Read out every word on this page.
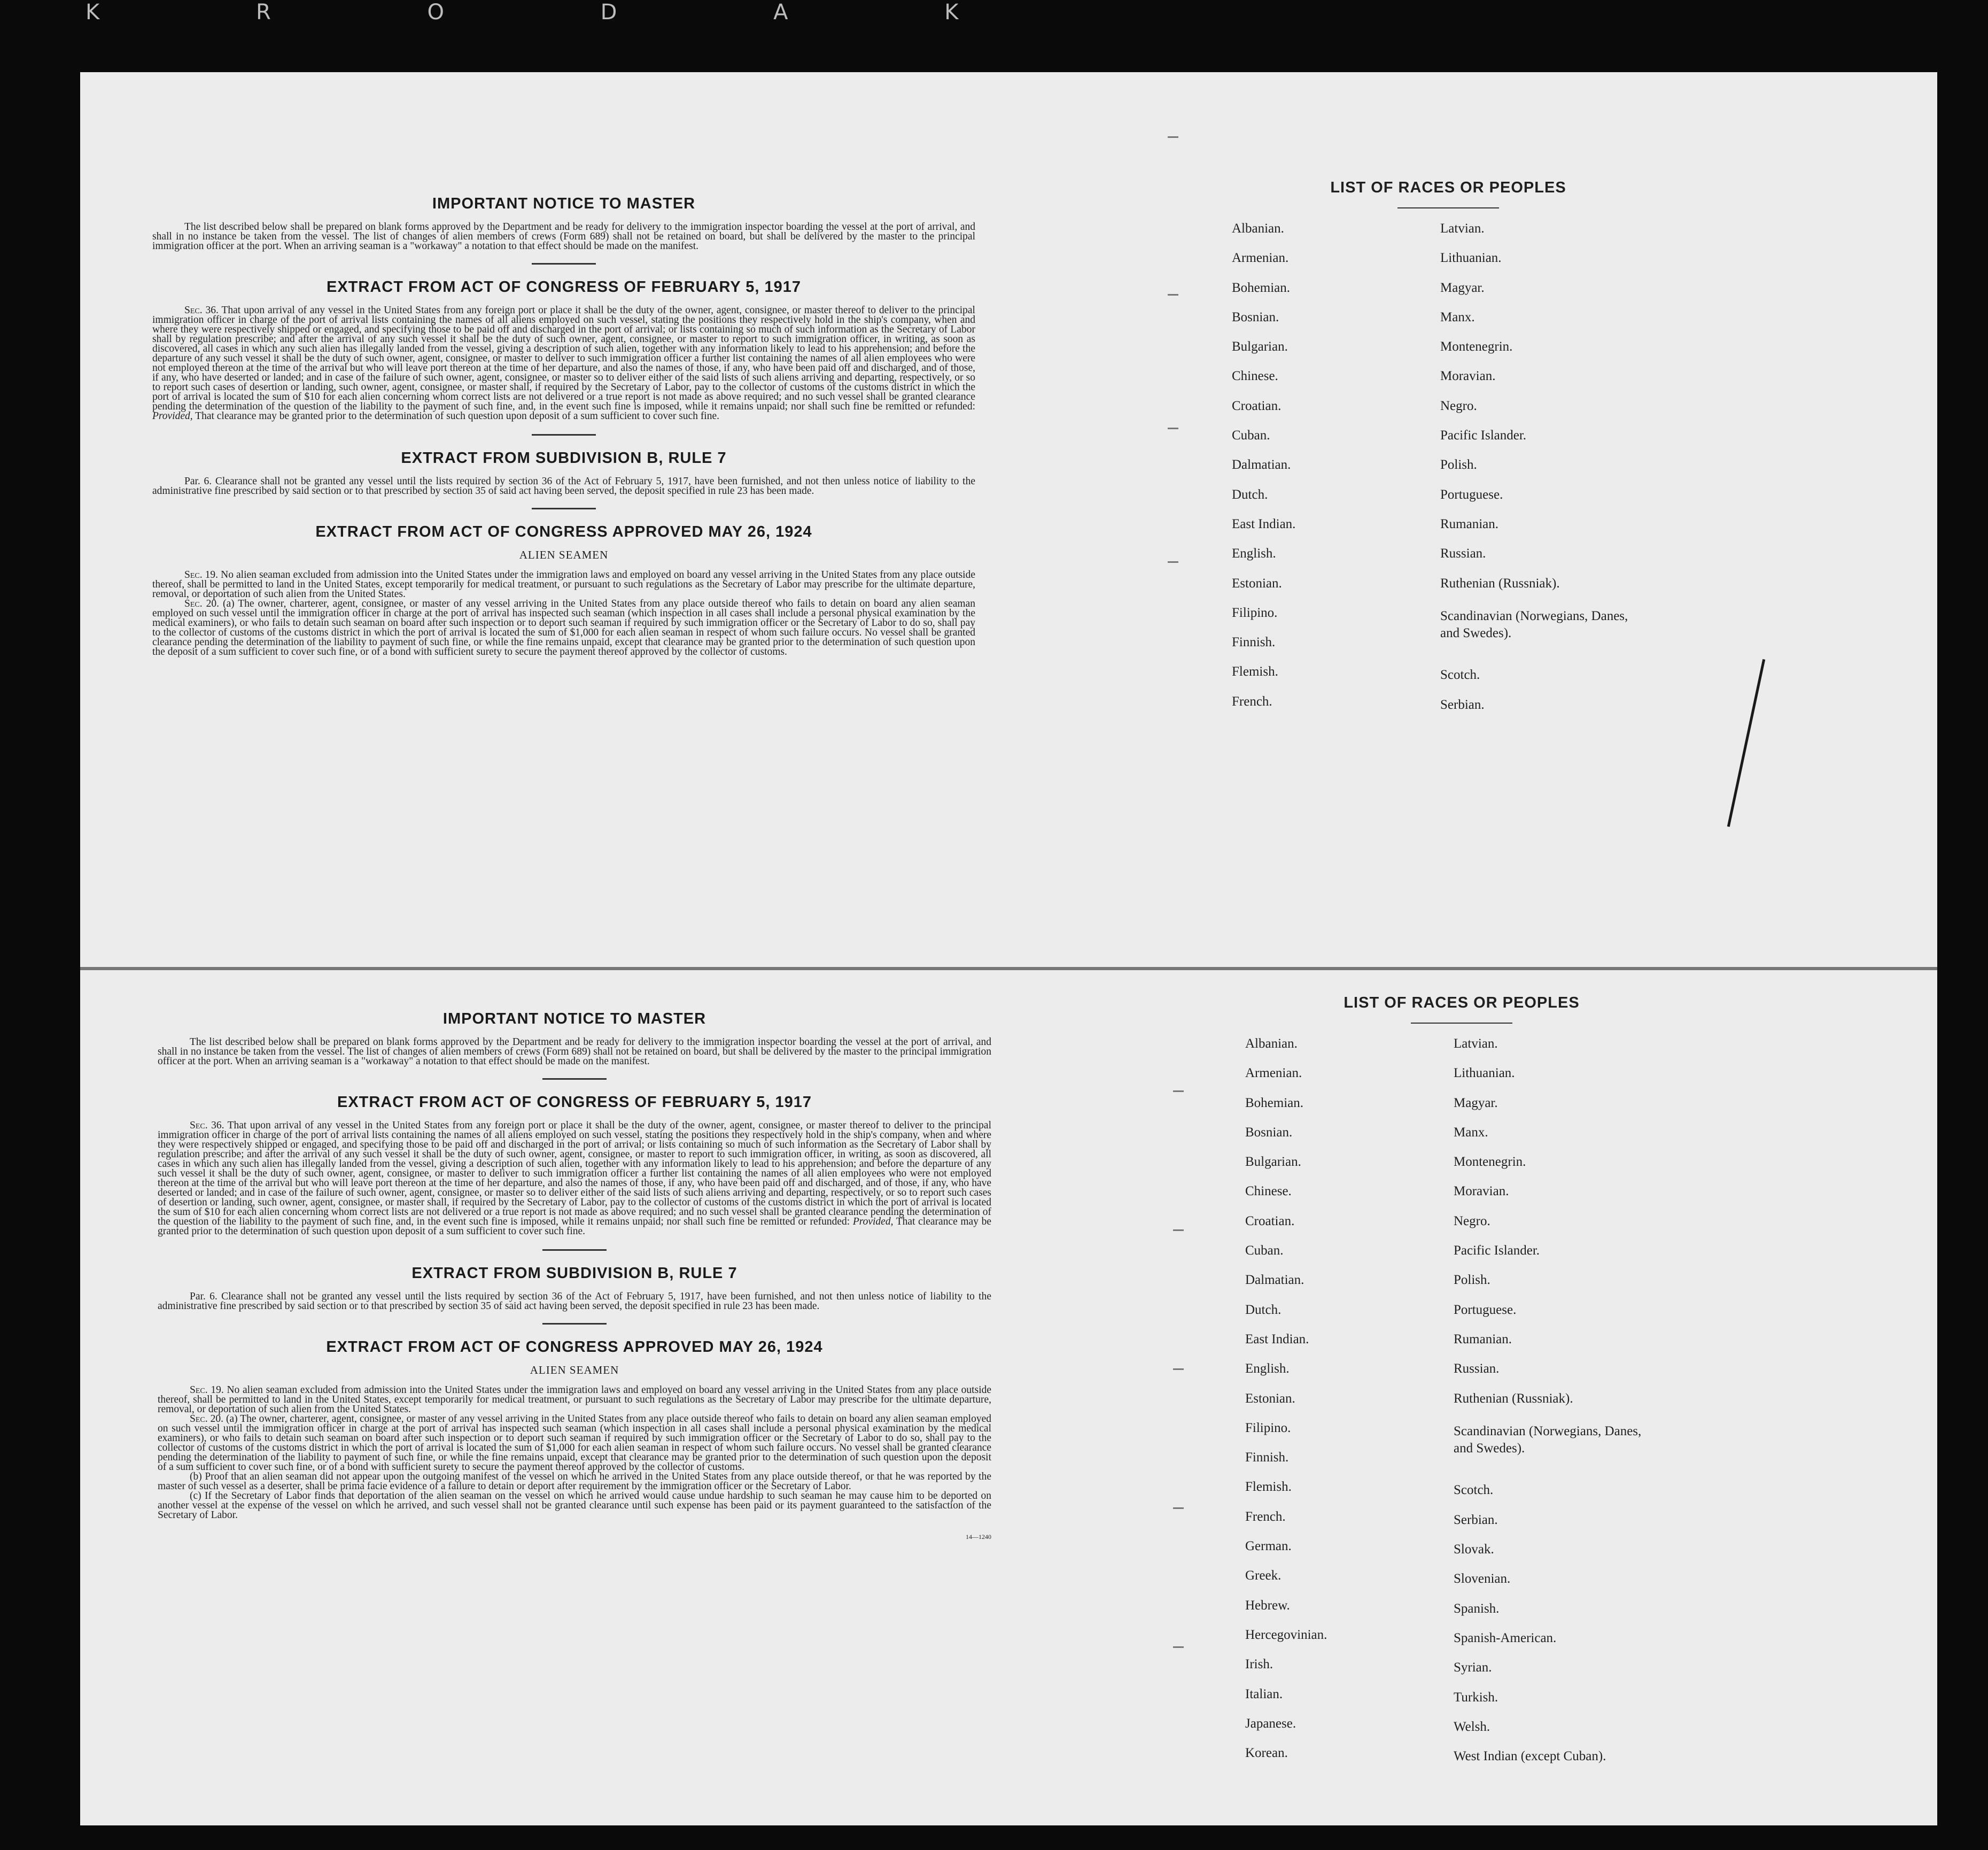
K R O D A K
IMPORTANT NOTICE TO MASTER

The list described below shall be prepared on blank forms approved by the Department and be ready for delivery to the immigration inspector boarding the vessel at the port of arrival, and shall in no instance be taken from the vessel. The list of changes of alien members of crews (Form 689) shall not be retained on board, but shall be delivered by the master to the principal immigration officer at the port. When an arriving seaman is a "workaway" a notation to that effect should be made on the manifest.

EXTRACT FROM ACT OF CONGRESS OF FEBRUARY 5, 1917

Sec. 36. That upon arrival of any vessel in the United States from any foreign port or place it shall be the duty of the owner, agent, consignee, or master thereof to deliver to the principal immigration officer in charge of the port of arrival lists containing the names of all aliens employed on such vessel, stating the positions they respectively hold in the ship's company, when and where they were respectively shipped or engaged, and specifying those to be paid off and discharged in the port of arrival; or lists containing so much of such information as the Secretary of Labor shall by regulation prescribe; and after the arrival of any such vessel it shall be the duty of such owner, agent, consignee, or master to report to such immigration officer, in writing, as soon as discovered, all cases in which any such alien has illegally landed from the vessel, giving a description of such alien, together with any information likely to lead to his apprehension; and before the departure of any such vessel it shall be the duty of such owner, agent, consignee, or master to deliver to such immigration officer a further list containing the names of all alien employees who were not employed thereon at the time of the arrival but who will leave port thereon at the time of her departure, and also the names of those, if any, who have been paid off and discharged, and of those, if any, who have deserted or landed; and in case of the failure of such owner, agent, consignee, or master so to deliver either of the said lists of such aliens arriving and departing, respectively, or so to report such cases of desertion or landing, such owner, agent, consignee, or master shall, if required by the Secretary of Labor, pay to the collector of customs of the customs district in which the port of arrival is located the sum of $10 for each alien concerning whom correct lists are not delivered or a true report is not made as above required; and no such vessel shall be granted clearance pending the determination of the question of the liability to the payment of such fine, and, in the event such fine is imposed, while it remains unpaid; nor shall such fine be remitted or refunded: Provided, That clearance may be granted prior to the determination of such question upon deposit of a sum sufficient to cover such fine.

EXTRACT FROM SUBDIVISION B, RULE 7

Par. 6. Clearance shall not be granted any vessel until the lists required by section 36 of the Act of February 5, 1917, have been furnished, and not then unless notice of liability to the administrative fine prescribed by said section or to that prescribed by section 35 of said act having been served, the deposit specified in rule 23 has been made.

EXTRACT FROM ACT OF CONGRESS APPROVED MAY 26, 1924
ALIEN SEAMEN

Sec. 19. No alien seaman excluded from admission into the United States under the immigration laws and employed on board any vessel arriving in the United States from any place outside thereof, shall be permitted to land in the United States, except temporarily for medical treatment, or pursuant to such regulations as the Secretary of Labor may prescribe for the ultimate departure, removal, or deportation of such alien from the United States.

Sec. 20. (a) The owner, charterer, agent, consignee, or master of any vessel arriving in the United States from any place outside thereof who fails to detain on board any alien seaman employed on such vessel until the immigration officer in charge at the port of arrival has inspected such seaman (which inspection in all cases shall include a personal physical examination by the medical examiners), or who fails to detain such seaman on board after such inspection or to deport such seaman if required by such immigration officer or the Secretary of Labor to do so, shall pay to the collector of customs of the customs district in which the port of arrival is located the sum of $1,000 for each alien seaman in respect of whom such failure occurs. No vessel shall be granted clearance pending the determination of the liability to payment of such fine, or while the fine remains unpaid, except that clearance may be granted prior to the determination of such question upon the deposit of a sum sufficient to cover such fine, or of a bond with sufficient surety to secure the payment thereof approved by the collector of customs.

LIST OF RACES OR PEOPLES
Albanian.
Armenian.
Bohemian.
Bosnian.
Bulgarian.
Chinese.
Croatian.
Cuban.
Dalmatian.
Dutch.
East Indian.
English.
Estonian.
Filipino.
Finnish.
Flemish.
French.
Latvian.
Lithuanian.
Magyar.
Manx.
Montenegrin.
Moravian.
Negro.
Pacific Islander.
Polish.
Portuguese.
Rumanian.
Russian.
Ruthenian (Russniak).
Scandinavian (Norwegians, Danes, and Swedes).
Scotch.
Serbian.
IMPORTANT NOTICE TO MASTER

The list described below shall be prepared on blank forms approved by the Department and be ready for delivery to the immigration inspector boarding the vessel at the port of arrival, and shall in no instance be taken from the vessel. The list of changes of alien members of crews (Form 689) shall not be retained on board, but shall be delivered by the master to the principal immigration officer at the port. When an arriving seaman is a "workaway" a notation to that effect should be made on the manifest.

EXTRACT FROM ACT OF CONGRESS OF FEBRUARY 5, 1917

Sec. 36. That upon arrival of any vessel in the United States from any foreign port or place it shall be the duty of the owner, agent, consignee, or master thereof to deliver to the principal immigration officer in charge of the port of arrival lists containing the names of all aliens employed on such vessel, stating the positions they respectively hold in the ship's company, when and where they were respectively shipped or engaged, and specifying those to be paid off and discharged in the port of arrival; or lists containing so much of such information as the Secretary of Labor shall by regulation prescribe; and after the arrival of any such vessel it shall be the duty of such owner, agent, consignee, or master to report to such immigration officer, in writing, as soon as discovered, all cases in which any such alien has illegally landed from the vessel, giving a description of such alien, together with any information likely to lead to his apprehension; and before the departure of any such vessel it shall be the duty of such owner, agent, consignee, or master to deliver to such immigration officer a further list containing the names of all alien employees who were not employed thereon at the time of the arrival but who will leave port thereon at the time of her departure, and also the names of those, if any, who have been paid off and discharged, and of those, if any, who have deserted or landed; and in case of the failure of such owner, agent, consignee, or master so to deliver either of the said lists of such aliens arriving and departing, respectively, or so to report such cases of desertion or landing, such owner, agent, consignee, or master shall, if required by the Secretary of Labor, pay to the collector of customs of the customs district in which the port of arrival is located the sum of $10 for each alien concerning whom correct lists are not delivered or a true report is not made as above required; and no such vessel shall be granted clearance pending the determination of the question of the liability to the payment of such fine, and, in the event such fine is imposed, while it remains unpaid; nor shall such fine be remitted or refunded: Provided, That clearance may be granted prior to the determination of such question upon deposit of a sum sufficient to cover such fine.

EXTRACT FROM SUBDIVISION B, RULE 7

Par. 6. Clearance shall not be granted any vessel until the lists required by section 36 of the Act of February 5, 1917, have been furnished, and not then unless notice of liability to the administrative fine prescribed by said section or to that prescribed by section 35 of said act having been served, the deposit specified in rule 23 has been made.

EXTRACT FROM ACT OF CONGRESS APPROVED MAY 26, 1924
ALIEN SEAMEN

Sec. 19. No alien seaman excluded from admission into the United States under the immigration laws and employed on board any vessel arriving in the United States from any place outside thereof, shall be permitted to land in the United States, except temporarily for medical treatment, or pursuant to such regulations as the Secretary of Labor may prescribe for the ultimate departure, removal, or deportation of such alien from the United States.

Sec. 20. (a) The owner, charterer, agent, consignee, or master of any vessel arriving in the United States from any place outside thereof who fails to detain on board any alien seaman employed on such vessel until the immigration officer in charge at the port of arrival has inspected such seaman (which inspection in all cases shall include a personal physical examination by the medical examiners), or who fails to detain such seaman on board after such inspection or to deport such seaman if required by such immigration officer or the Secretary of Labor to do so, shall pay to the collector of customs of the customs district in which the port of arrival is located the sum of $1,000 for each alien seaman in respect of whom such failure occurs. No vessel shall be granted clearance pending the determination of the liability to payment of such fine, or while the fine remains unpaid, except that clearance may be granted prior to the determination of such question upon the deposit of a sum sufficient to cover such fine, or of a bond with sufficient surety to secure the payment thereof approved by the collector of customs.

(b) Proof that an alien seaman did not appear upon the outgoing manifest of the vessel on which he arrived in the United States from any place outside thereof, or that he was reported by the master of such vessel as a deserter, shall be prima facie evidence of a failure to detain or deport after requirement by the immigration officer or the Secretary of Labor.

(c) If the Secretary of Labor finds that deportation of the alien seaman on the vessel on which he arrived would cause undue hardship to such seaman he may cause him to be deported on another vessel at the expense of the vessel on which he arrived, and such vessel shall not be granted clearance until such expense has been paid or its payment guaranteed to the satisfaction of the Secretary of Labor.

14—1240
LIST OF RACES OR PEOPLES
Albanian.
Armenian.
Bohemian.
Bosnian.
Bulgarian.
Chinese.
Croatian.
Cuban.
Dalmatian.
Dutch.
East Indian.
English.
Estonian.
Filipino.
Finnish.
Flemish.
French.
German.
Greek.
Hebrew.
Hercegovinian.
Irish.
Italian.
Japanese.
Korean.
Latvian.
Lithuanian.
Magyar.
Manx.
Montenegrin.
Moravian.
Negro.
Pacific Islander.
Polish.
Portuguese.
Rumanian.
Russian.
Ruthenian (Russniak).
Scandinavian (Norwegians, Danes, and Swedes).
Scotch.
Serbian.
Slovak.
Slovenian.
Spanish.
Spanish-American.
Syrian.
Turkish.
Welsh.
West Indian (except Cuban).
